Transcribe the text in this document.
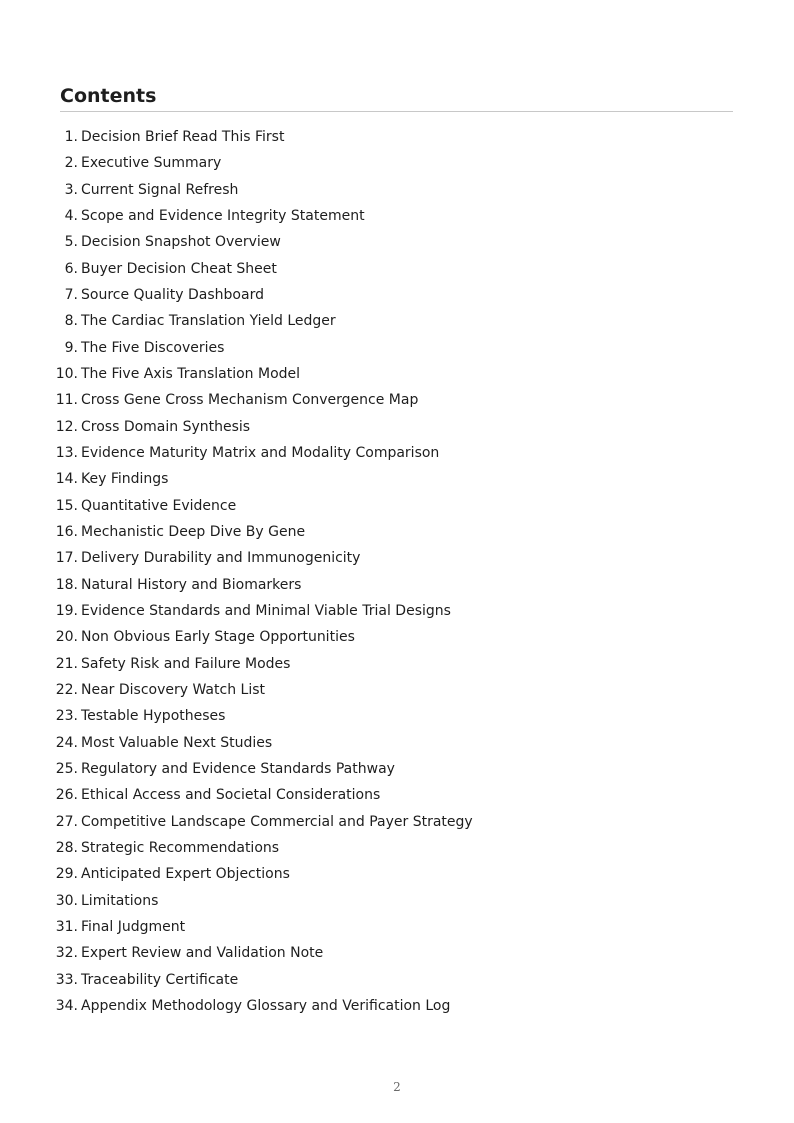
Contents
1. Decision Brief Read This First
2. Executive Summary
3. Current Signal Refresh
4. Scope and Evidence Integrity Statement
5. Decision Snapshot Overview
6. Buyer Decision Cheat Sheet
7. Source Quality Dashboard
8. The Cardiac Translation Yield Ledger
9. The Five Discoveries
10. The Five Axis Translation Model
11. Cross Gene Cross Mechanism Convergence Map
12. Cross Domain Synthesis
13. Evidence Maturity Matrix and Modality Comparison
14. Key Findings
15. Quantitative Evidence
16. Mechanistic Deep Dive By Gene
17. Delivery Durability and Immunogenicity
18. Natural History and Biomarkers
19. Evidence Standards and Minimal Viable Trial Designs
20. Non Obvious Early Stage Opportunities
21. Safety Risk and Failure Modes
22. Near Discovery Watch List
23. Testable Hypotheses
24. Most Valuable Next Studies
25. Regulatory and Evidence Standards Pathway
26. Ethical Access and Societal Considerations
27. Competitive Landscape Commercial and Payer Strategy
28. Strategic Recommendations
29. Anticipated Expert Objections
30. Limitations
31. Final Judgment
32. Expert Review and Validation Note
33. Traceability Certificate
34. Appendix Methodology Glossary and Verification Log
2
